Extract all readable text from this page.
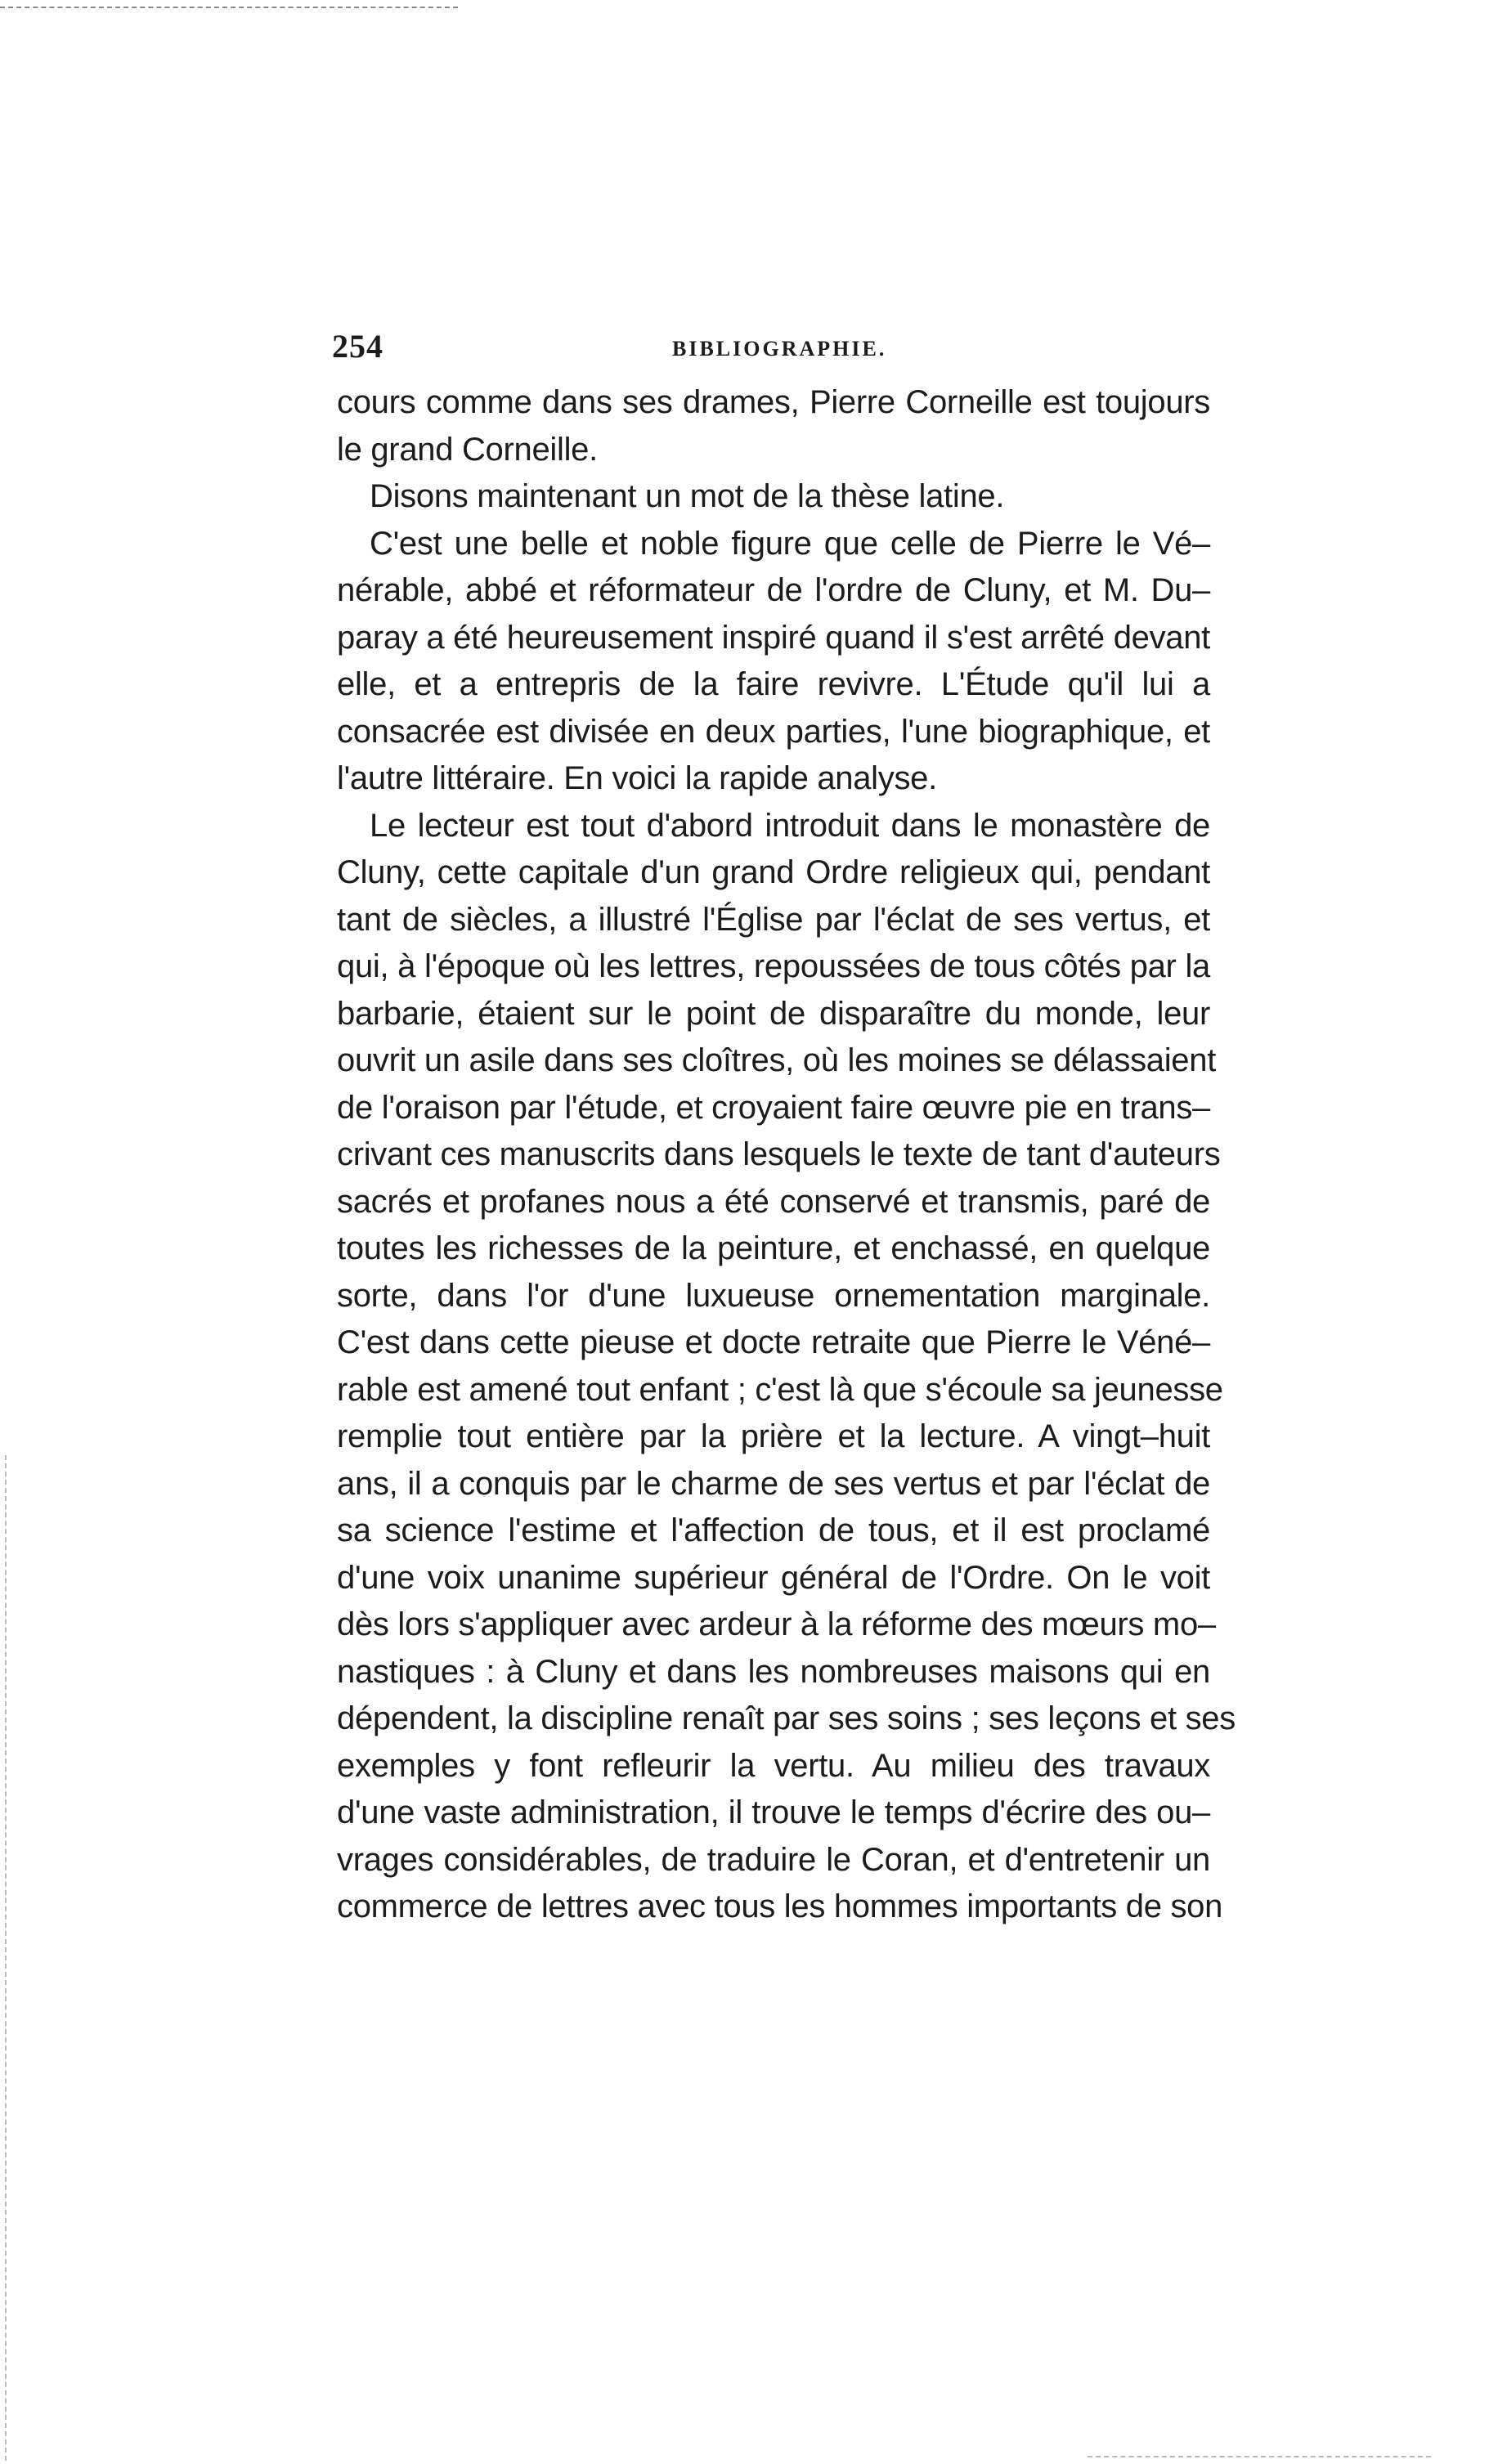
254	BIBLIOGRAPHIE.

cours comme dans ses drames, Pierre Corneille est toujours
le grand Corneille.

Disons maintenant un mot de la thèse latine.

C'est une belle et noble figure que celle de Pierre le Vé–
nérable, abbé et réformateur de l'ordre de Cluny, et M. Du–
paray a été heureusement inspiré quand il s'est arrêté devant
elle, et a entrepris de la faire revivre. L'Étude qu'il lui a
consacrée est divisée en deux parties, l'une biographique, et
l'autre littéraire. En voici la rapide analyse.

Le lecteur est tout d'abord introduit dans le monastère de
Cluny, cette capitale d'un grand Ordre religieux qui, pendant
tant de siècles, a illustré l'Église par l'éclat de ses vertus, et
qui, à l'époque où les lettres, repoussées de tous côtés par la
barbarie, étaient sur le point de disparaître du monde, leur
ouvrit un asile dans ses cloîtres, où les moines se délassaient
de l'oraison par l'étude, et croyaient faire œuvre pie en trans–
crivant ces manuscrits dans lesquels le texte de tant d'auteurs
sacrés et profanes nous a été conservé et transmis, paré de
toutes les richesses de la peinture, et enchassé, en quelque
sorte, dans l'or d'une luxueuse ornementation marginale.
C'est dans cette pieuse et docte retraite que Pierre le Véné–
rable est amené tout enfant ; c'est là que s'écoule sa jeunesse
remplie tout entière par la prière et la lecture. A vingt–huit
ans, il a conquis par le charme de ses vertus et par l'éclat de
sa science l'estime et l'affection de tous, et il est proclamé
d'une voix unanime supérieur général de l'Ordre. On le voit
dès lors s'appliquer avec ardeur à la réforme des mœurs mo–
nastiques : à Cluny et dans les nombreuses maisons qui en
dépendent, la discipline renaît par ses soins ; ses leçons et ses
exemples y font refleurir la vertu. Au milieu des travaux
d'une vaste administration, il trouve le temps d'écrire des ou–
vrages considérables, de traduire le Coran, et d'entretenir un
commerce de lettres avec tous les hommes importants de son
